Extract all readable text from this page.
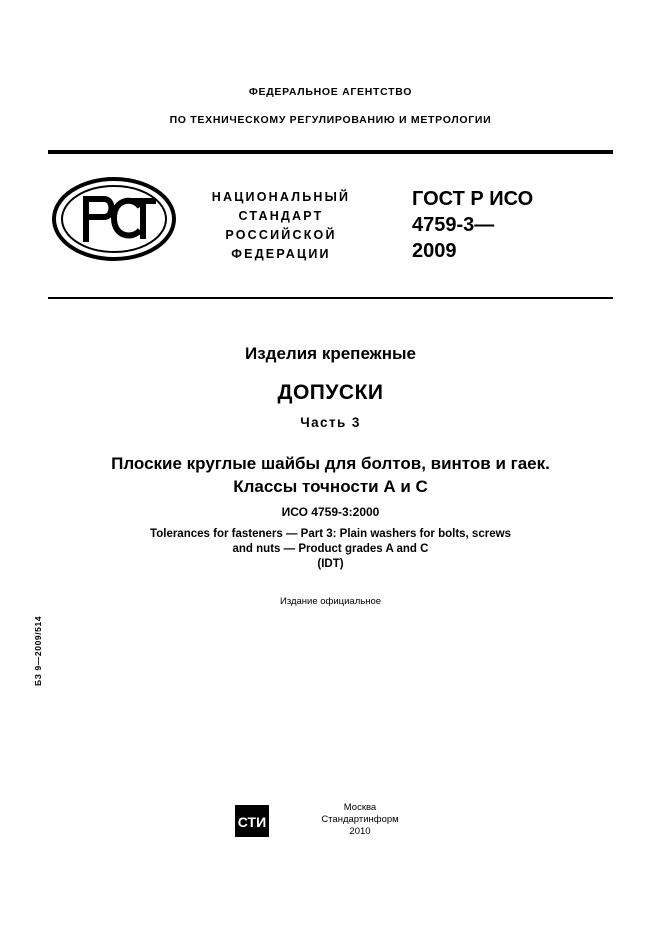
ФЕДЕРАЛЬНОЕ АГЕНТСТВО
ПО ТЕХНИЧЕСКОМУ РЕГУЛИРОВАНИЮ И МЕТРОЛОГИИ
НАЦИОНАЛЬНЫЙ
СТАНДАРТ
РОССИЙСКОЙ
ФЕДЕРАЦИИ
ГОСТ Р ИСО
4759-3—
2009
Изделия крепежные
ДОПУСКИ
Часть 3
Плоские круглые шайбы для болтов, винтов и гаек.
Классы точности А и С
ИСО 4759-3:2000
Tolerances for fasteners — Part 3: Plain washers for bolts, screws
and nuts — Product grades A and C
(IDT)
Издание официальное
БЗ 9—2009/514
СТИ
Москва
Стандартинформ
2010
